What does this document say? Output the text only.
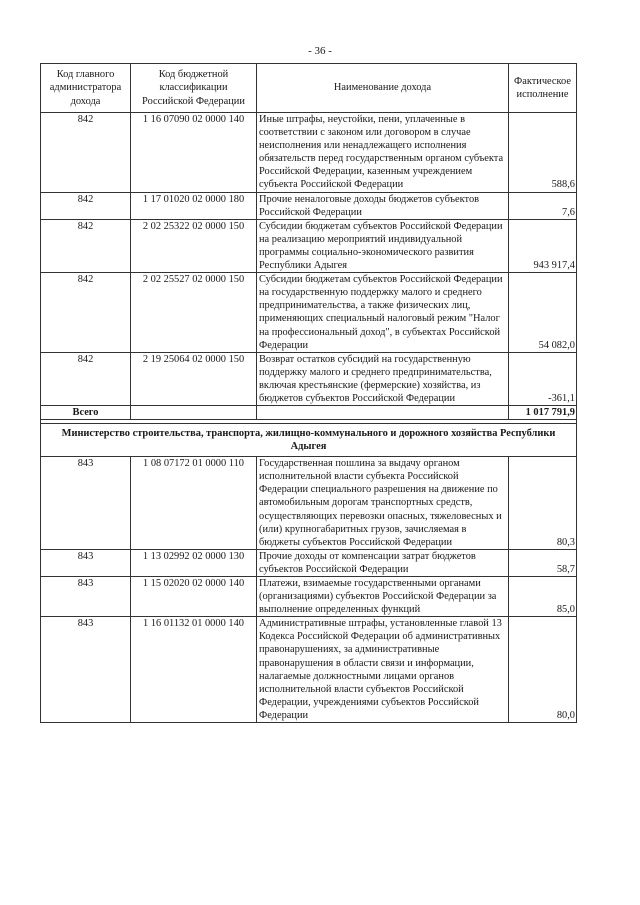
- 36 -
Код главного администратора дохода	Код бюджетной классификации Российской Федерации	Наименование дохода	Фактическое исполнение
842	1 16 07090 02 0000 140	Иные штрафы, неустойки, пени, уплаченные в соответствии с законом или договором в случае неисполнения или ненадлежащего исполнения обязательств перед государственным органом субъекта Российской Федерации, казенным учреждением субъекта Российской Федерации	588,6
842	1 17 01020 02 0000 180	Прочие неналоговые доходы бюджетов субъектов Российской Федерации	7,6
842	2 02 25322 02 0000 150	Субсидии бюджетам субъектов Российской Федерации на реализацию мероприятий индивидуальной программы социально-экономического развития Республики Адыгея	943 917,4
842	2 02 25527 02 0000 150	Субсидии бюджетам субъектов Российской Федерации на государственную поддержку малого и среднего предпринимательства, а также физических лиц, применяющих специальный налоговый режим "Налог на профессиональный доход", в субъектах Российской Федерации	54 082,0
842	2 19 25064 02 0000 150	Возврат остатков субсидий на государственную поддержку малого и среднего предпринимательства, включая крестьянские (фермерские) хозяйства, из бюджетов субъектов Российской Федерации	-361,1
Всего			1 017 791,9

Министерство строительства, транспорта, жилищно-коммунального и дорожного хозяйства Республики Адыгея			
843	1 08 07172 01 0000 110	Государственная пошлина за выдачу органом исполнительной власти субъекта Российской Федерации специального разрешения на движение по автомобильным дорогам транспортных средств, осуществляющих перевозки опасных, тяжеловесных и (или) крупногабаритных грузов, зачисляемая в бюджеты субъектов Российской Федерации	80,3
843	1 13 02992 02 0000 130	Прочие доходы от компенсации затрат бюджетов субъектов Российской Федерации	58,7
843	1 15 02020 02 0000 140	Платежи, взимаемые государственными органами (организациями) субъектов Российской Федерации за выполнение определенных функций	85,0
843	1 16 01132 01 0000 140	Административные штрафы, установленные главой 13 Кодекса Российской Федерации об административных правонарушениях, за административные правонарушения в области связи и информации, налагаемые должностными лицами органов исполнительной власти субъектов Российской Федерации, учреждениями субъектов Российской Федерации	80,0
